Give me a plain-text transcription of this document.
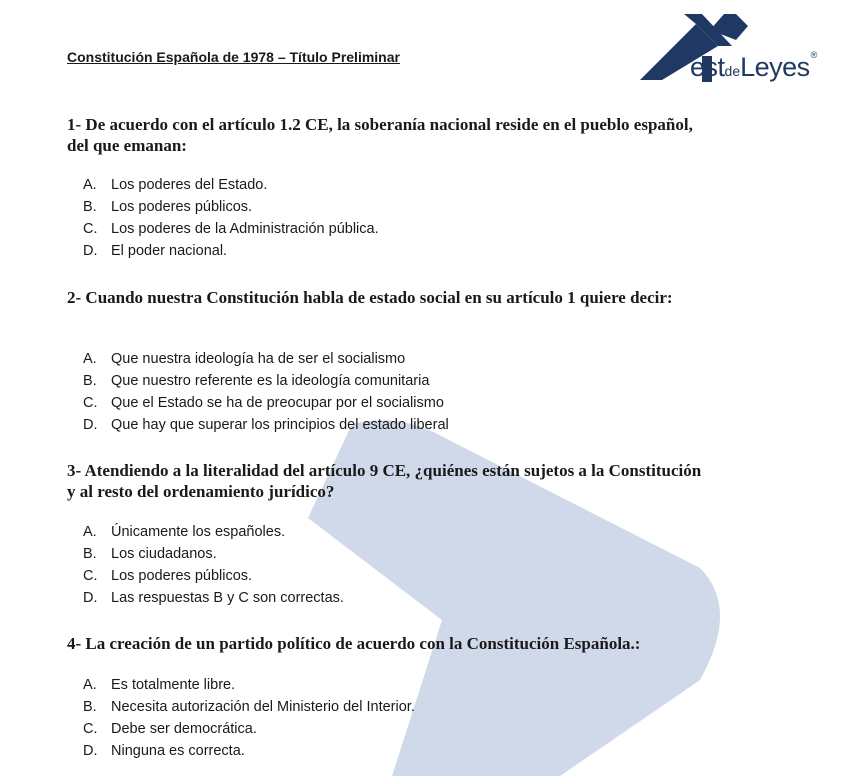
estdeLeyes®
Constitución Española de 1978 – Título Preliminar

1- De acuerdo con el artículo 1.2 CE, la soberanía nacional reside en el pueblo español, del que emanan:

A. Los poderes del Estado.
B. Los poderes públicos.
C. Los poderes de la Administración pública.
D. El poder nacional.

2- Cuando nuestra Constitución habla de estado social en su artículo 1 quiere decir:

A. Que nuestra ideología ha de ser el socialismo
B. Que nuestro referente es la ideología comunitaria
C. Que el Estado se ha de preocupar por el socialismo
D. Que hay que superar los principios del estado liberal

3- Atendiendo a la literalidad del artículo 9 CE, ¿quiénes están sujetos a la Constitución y al resto del ordenamiento jurídico?

A. Únicamente los españoles.
B. Los ciudadanos.
C. Los poderes públicos.
D. Las respuestas B y C son correctas.

4- La creación de un partido político de acuerdo con la Constitución Española.:

A. Es totalmente libre.
B. Necesita autorización del Ministerio del Interior.
C. Debe ser democrática.
D. Ninguna es correcta.
